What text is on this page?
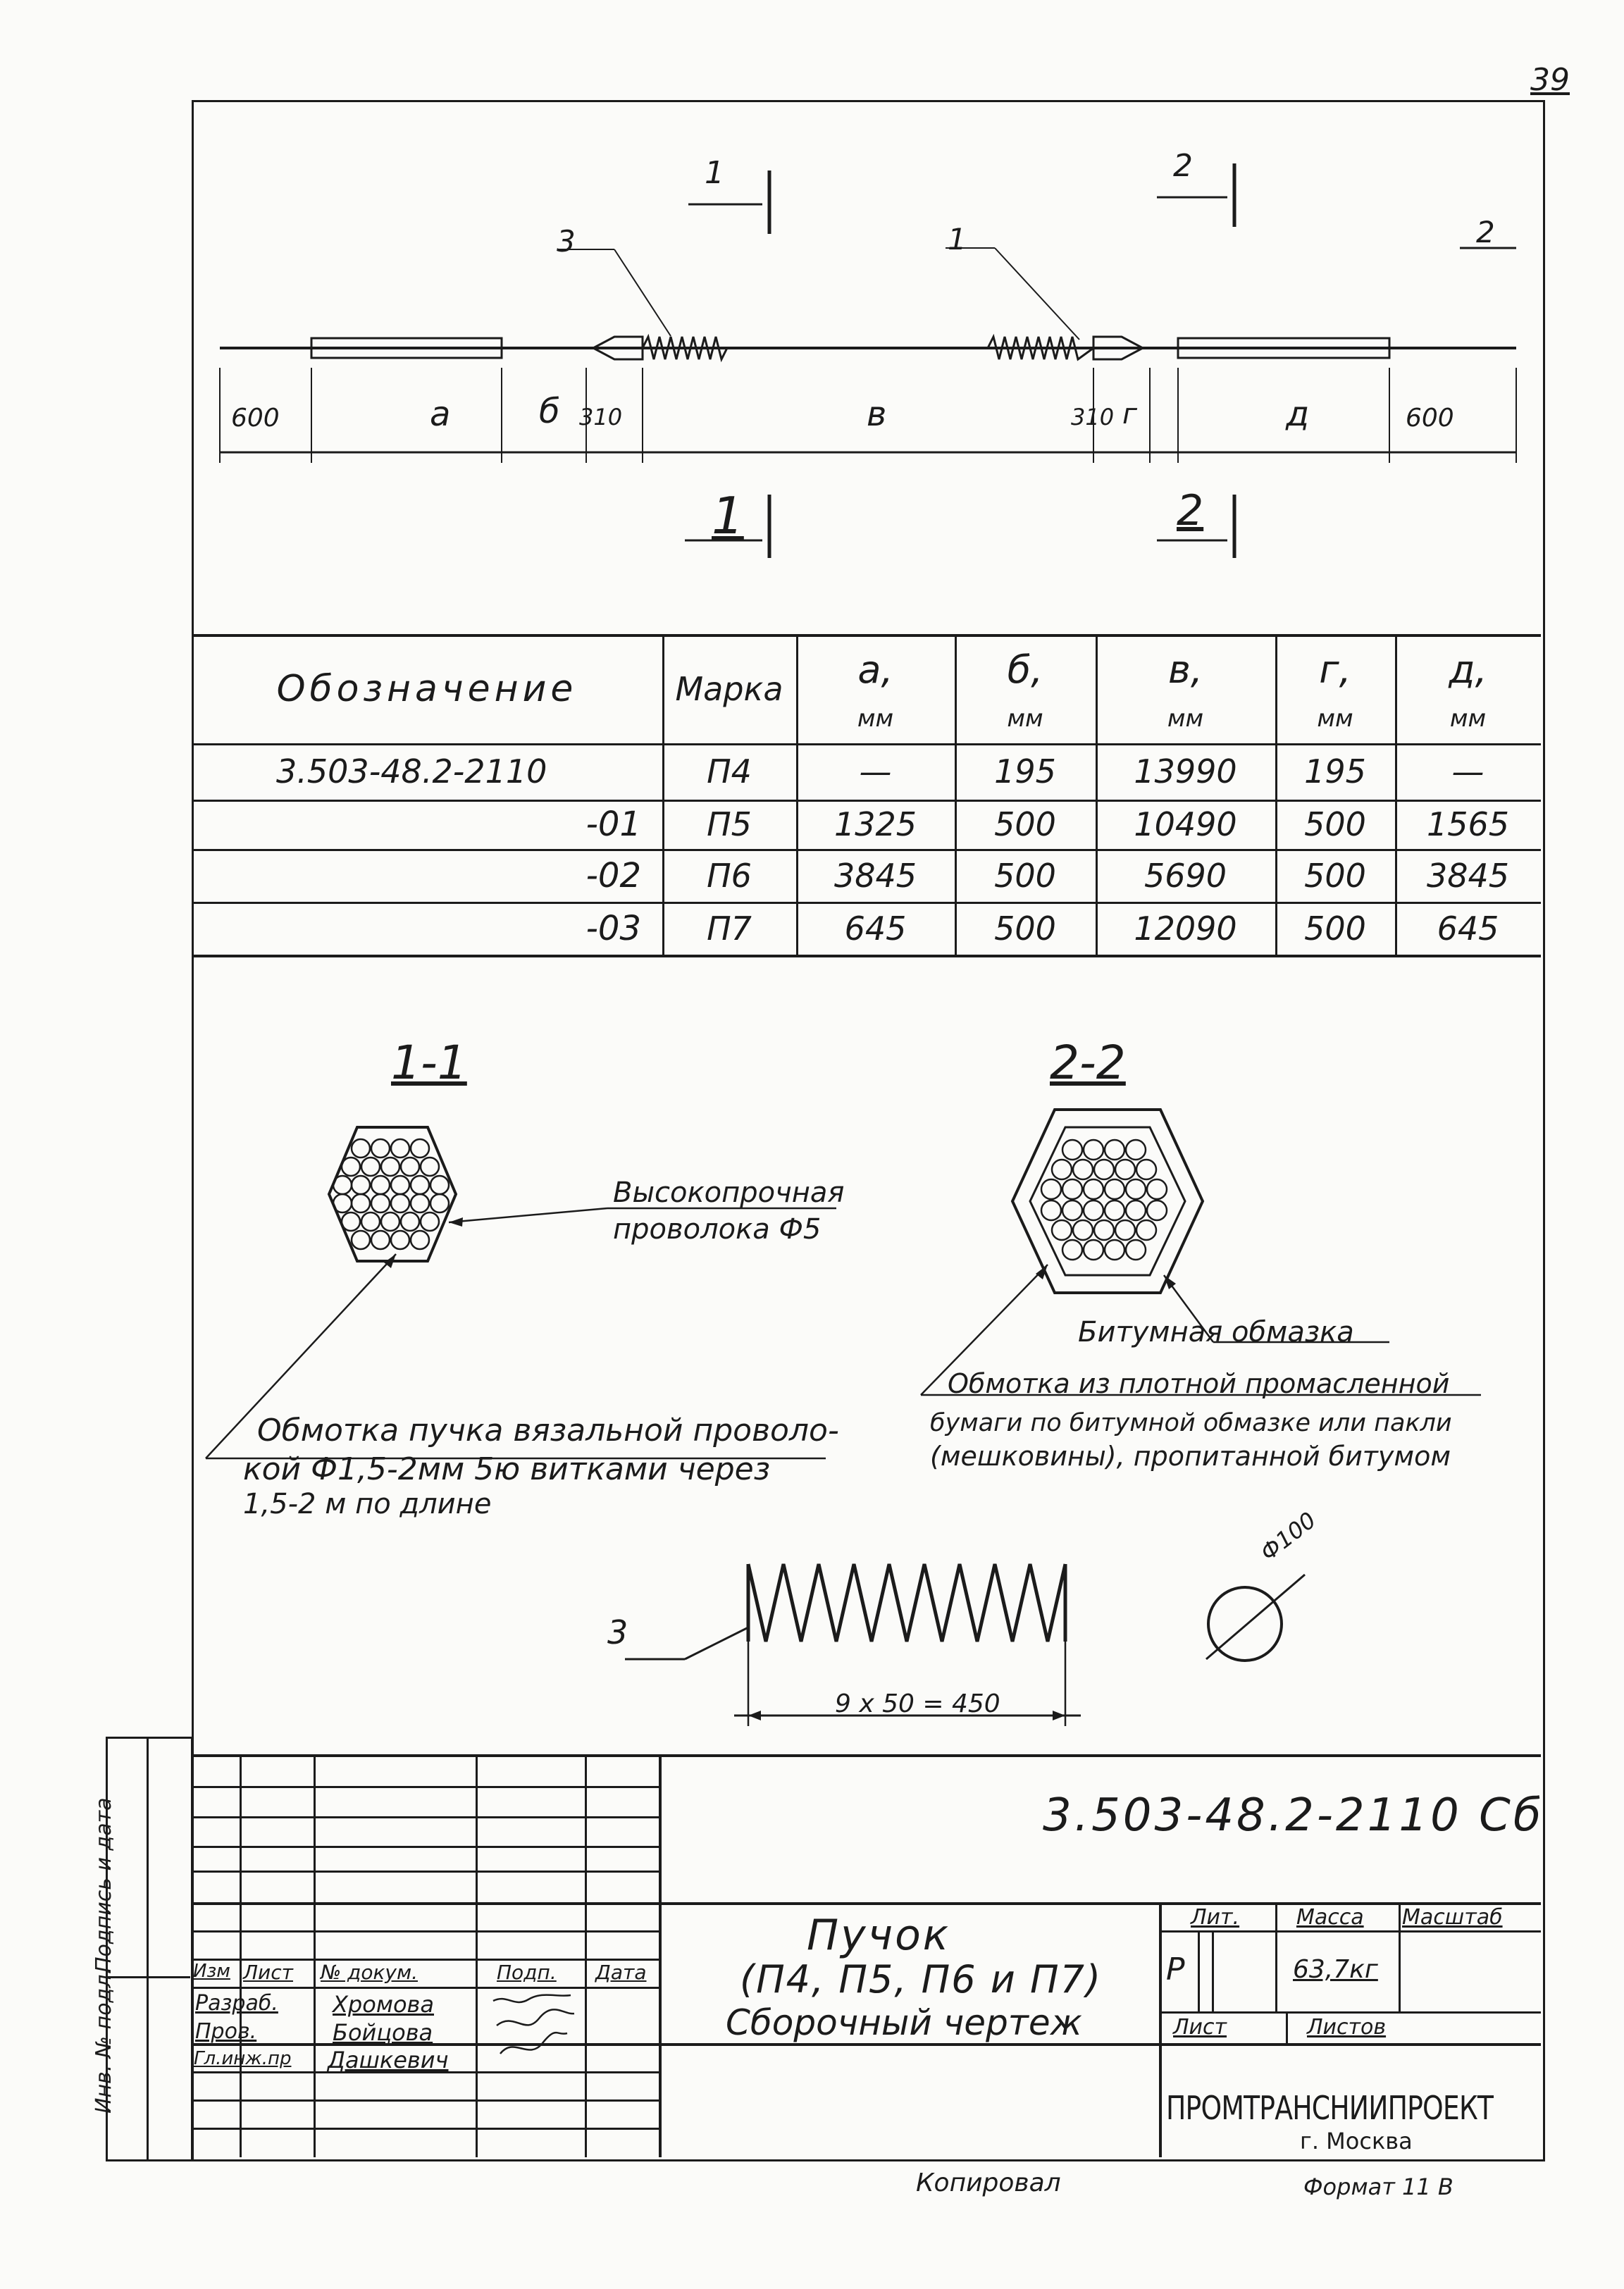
39
1
1
2
2
2
3	1
600	a	б 310	в	310 г	д	600
Обозначение	Марка	а,	б,	в,	г,	д,
мм	мм	мм	мм	мм
3.503-48.2-2110	П4	—	195	13990	195	—
-01	П5	1325	500	10490	500	1565
-02	П6	3845	500	5690	500	3845
-03	П7	645	500	12090	500	645
1-1	2-2
Высокопрочная
проволока Ф5
Обмотка пучка вязальной проволо-
кой Ф1,5-2мм 5ю витками через
1,5-2 м по длине
Битумная обмазка
Обмотка из плотной промасленной
бумаги по битумной обмазке или пакли
(мешковины), пропитанной битумом
3
9 x 50 = 450
Ф100
Инв. № подл.
Подпись и дата	3.503-48.2-2110 Сб
Изм Лист № докум.	Подп. Дата
Разраб. Хромова
Пров.	Бойцова
Гл.инж.пр Дашкевич
Пучок
(П4, П5, П6 и П7)
Сборочный чертеж
Лит.	Масса Масштаб
Р	63,7кг
Лист	Листов
ПРОМТРАНСНИИПРОЕКТ
г. Москва
Копировал	Формат 11 В
